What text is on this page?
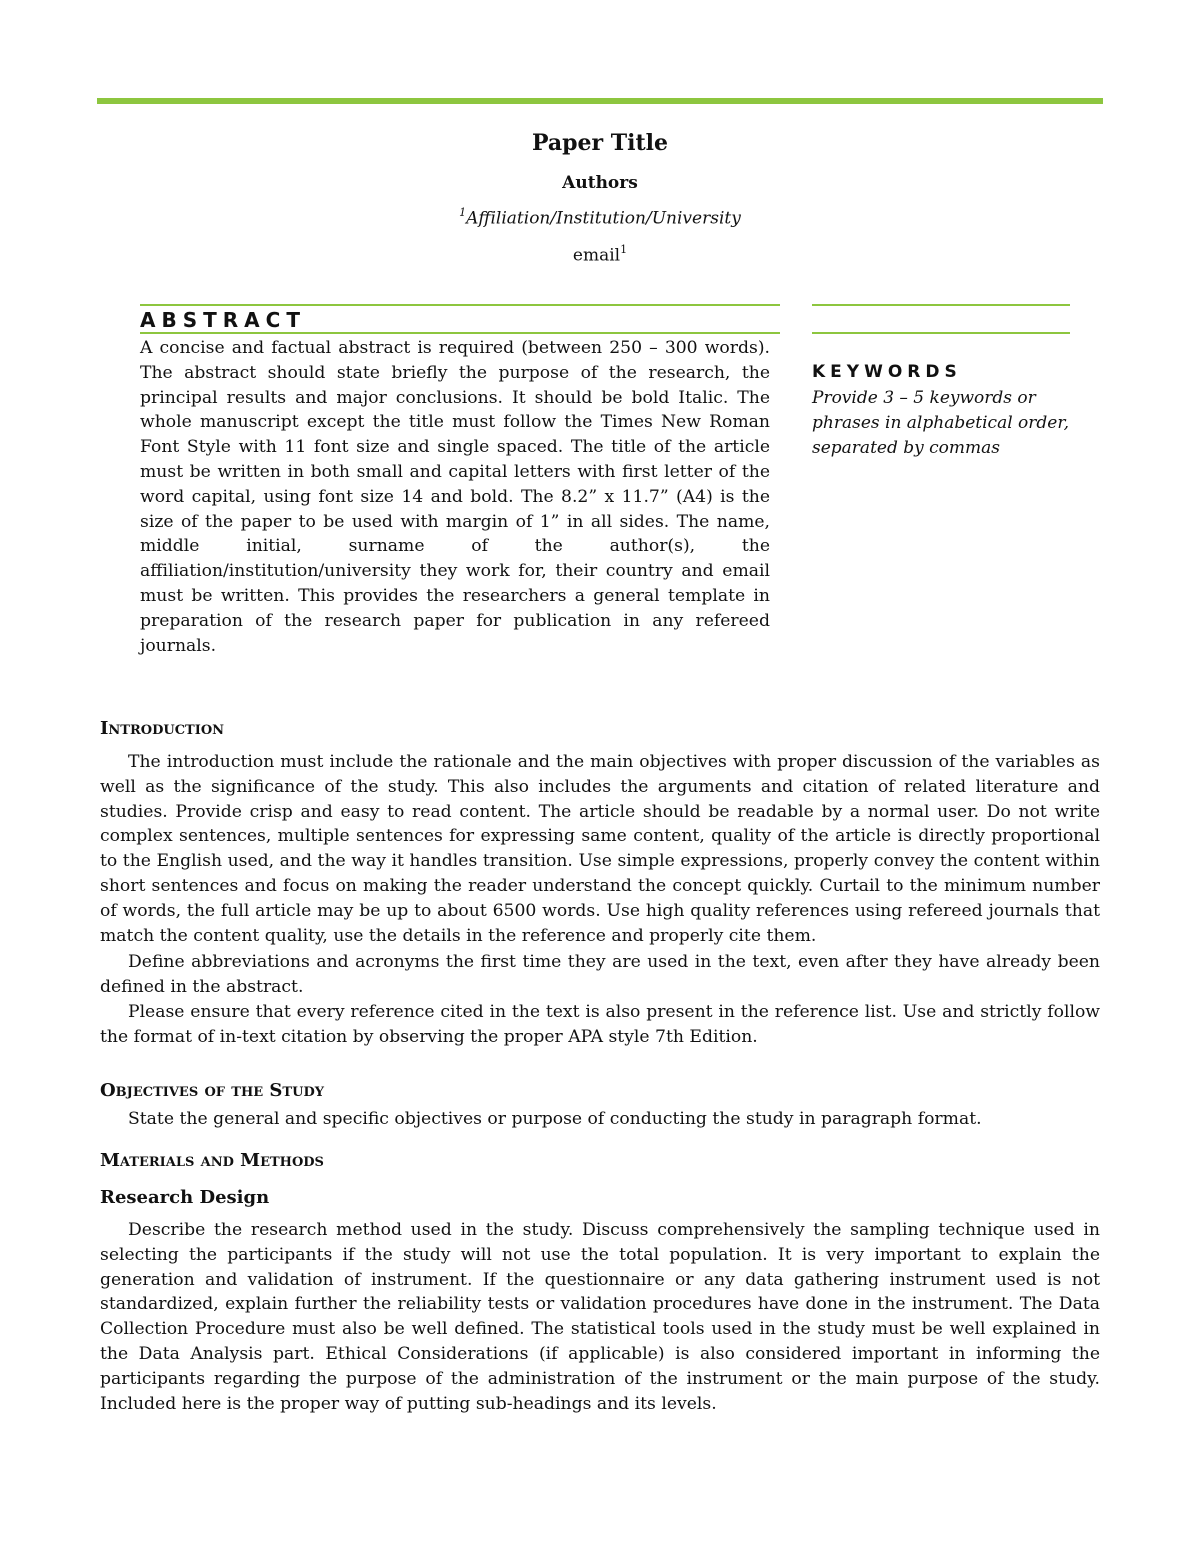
Paper Title
Authors
$^1$Affiliation/Institution/University
email$^1$
ABSTRACT

A concise and factual abstract is required (between 250 – 300 words). The abstract should state briefly the purpose of the research, the principal results and major conclusions. It should be bold Italic. The whole manuscript except the title must follow the Times New Roman Font Style with 11 font size and single spaced. The title of the article must be written in both small and capital letters with first letter of the word capital, using font size 14 and bold. The 8.2” x 11.7” (A4) is the size of the paper to be used with margin of 1” in all sides. The name, middle initial, surname of the author(s), the affiliation/institution/university they work for, their country and email must be written. This provides the researchers a general template in preparation of the research paper for publication in any refereed journals.

KEYWORDS

Provide 3 – 5 keywords or phrases in alphabetical order, separated by commas

Introduction

The introduction must include the rationale and the main objectives with proper discussion of the variables as well as the significance of the study. This also includes the arguments and citation of related literature and studies. Provide crisp and easy to read content. The article should be readable by a normal user. Do not write complex sentences, multiple sentences for expressing same content, quality of the article is directly proportional to the English used, and the way it handles transition. Use simple expressions, properly convey the content within short sentences and focus on making the reader understand the concept quickly. Curtail to the minimum number of words, the full article may be up to about 6500 words. Use high quality references using refereed journals that match the content quality, use the details in the reference and properly cite them.

Define abbreviations and acronyms the first time they are used in the text, even after they have already been defined in the abstract.

Please ensure that every reference cited in the text is also present in the reference list. Use and strictly follow the format of in-text citation by observing the proper APA style 7th Edition.

Objectives of the Study

State the general and specific objectives or purpose of conducting the study in paragraph format.

Materials and Methods
Research Design

Describe the research method used in the study. Discuss comprehensively the sampling technique used in selecting the participants if the study will not use the total population. It is very important to explain the generation and validation of instrument. If the questionnaire or any data gathering instrument used is not standardized, explain further the reliability tests or validation procedures have done in the instrument. The Data Collection Procedure must also be well defined. The statistical tools used in the study must be well explained in the Data Analysis part. Ethical Considerations (if applicable) is also considered important in informing the participants regarding the purpose of the administration of the instrument or the main purpose of the study. Included here is the proper way of putting sub-headings and its levels.
